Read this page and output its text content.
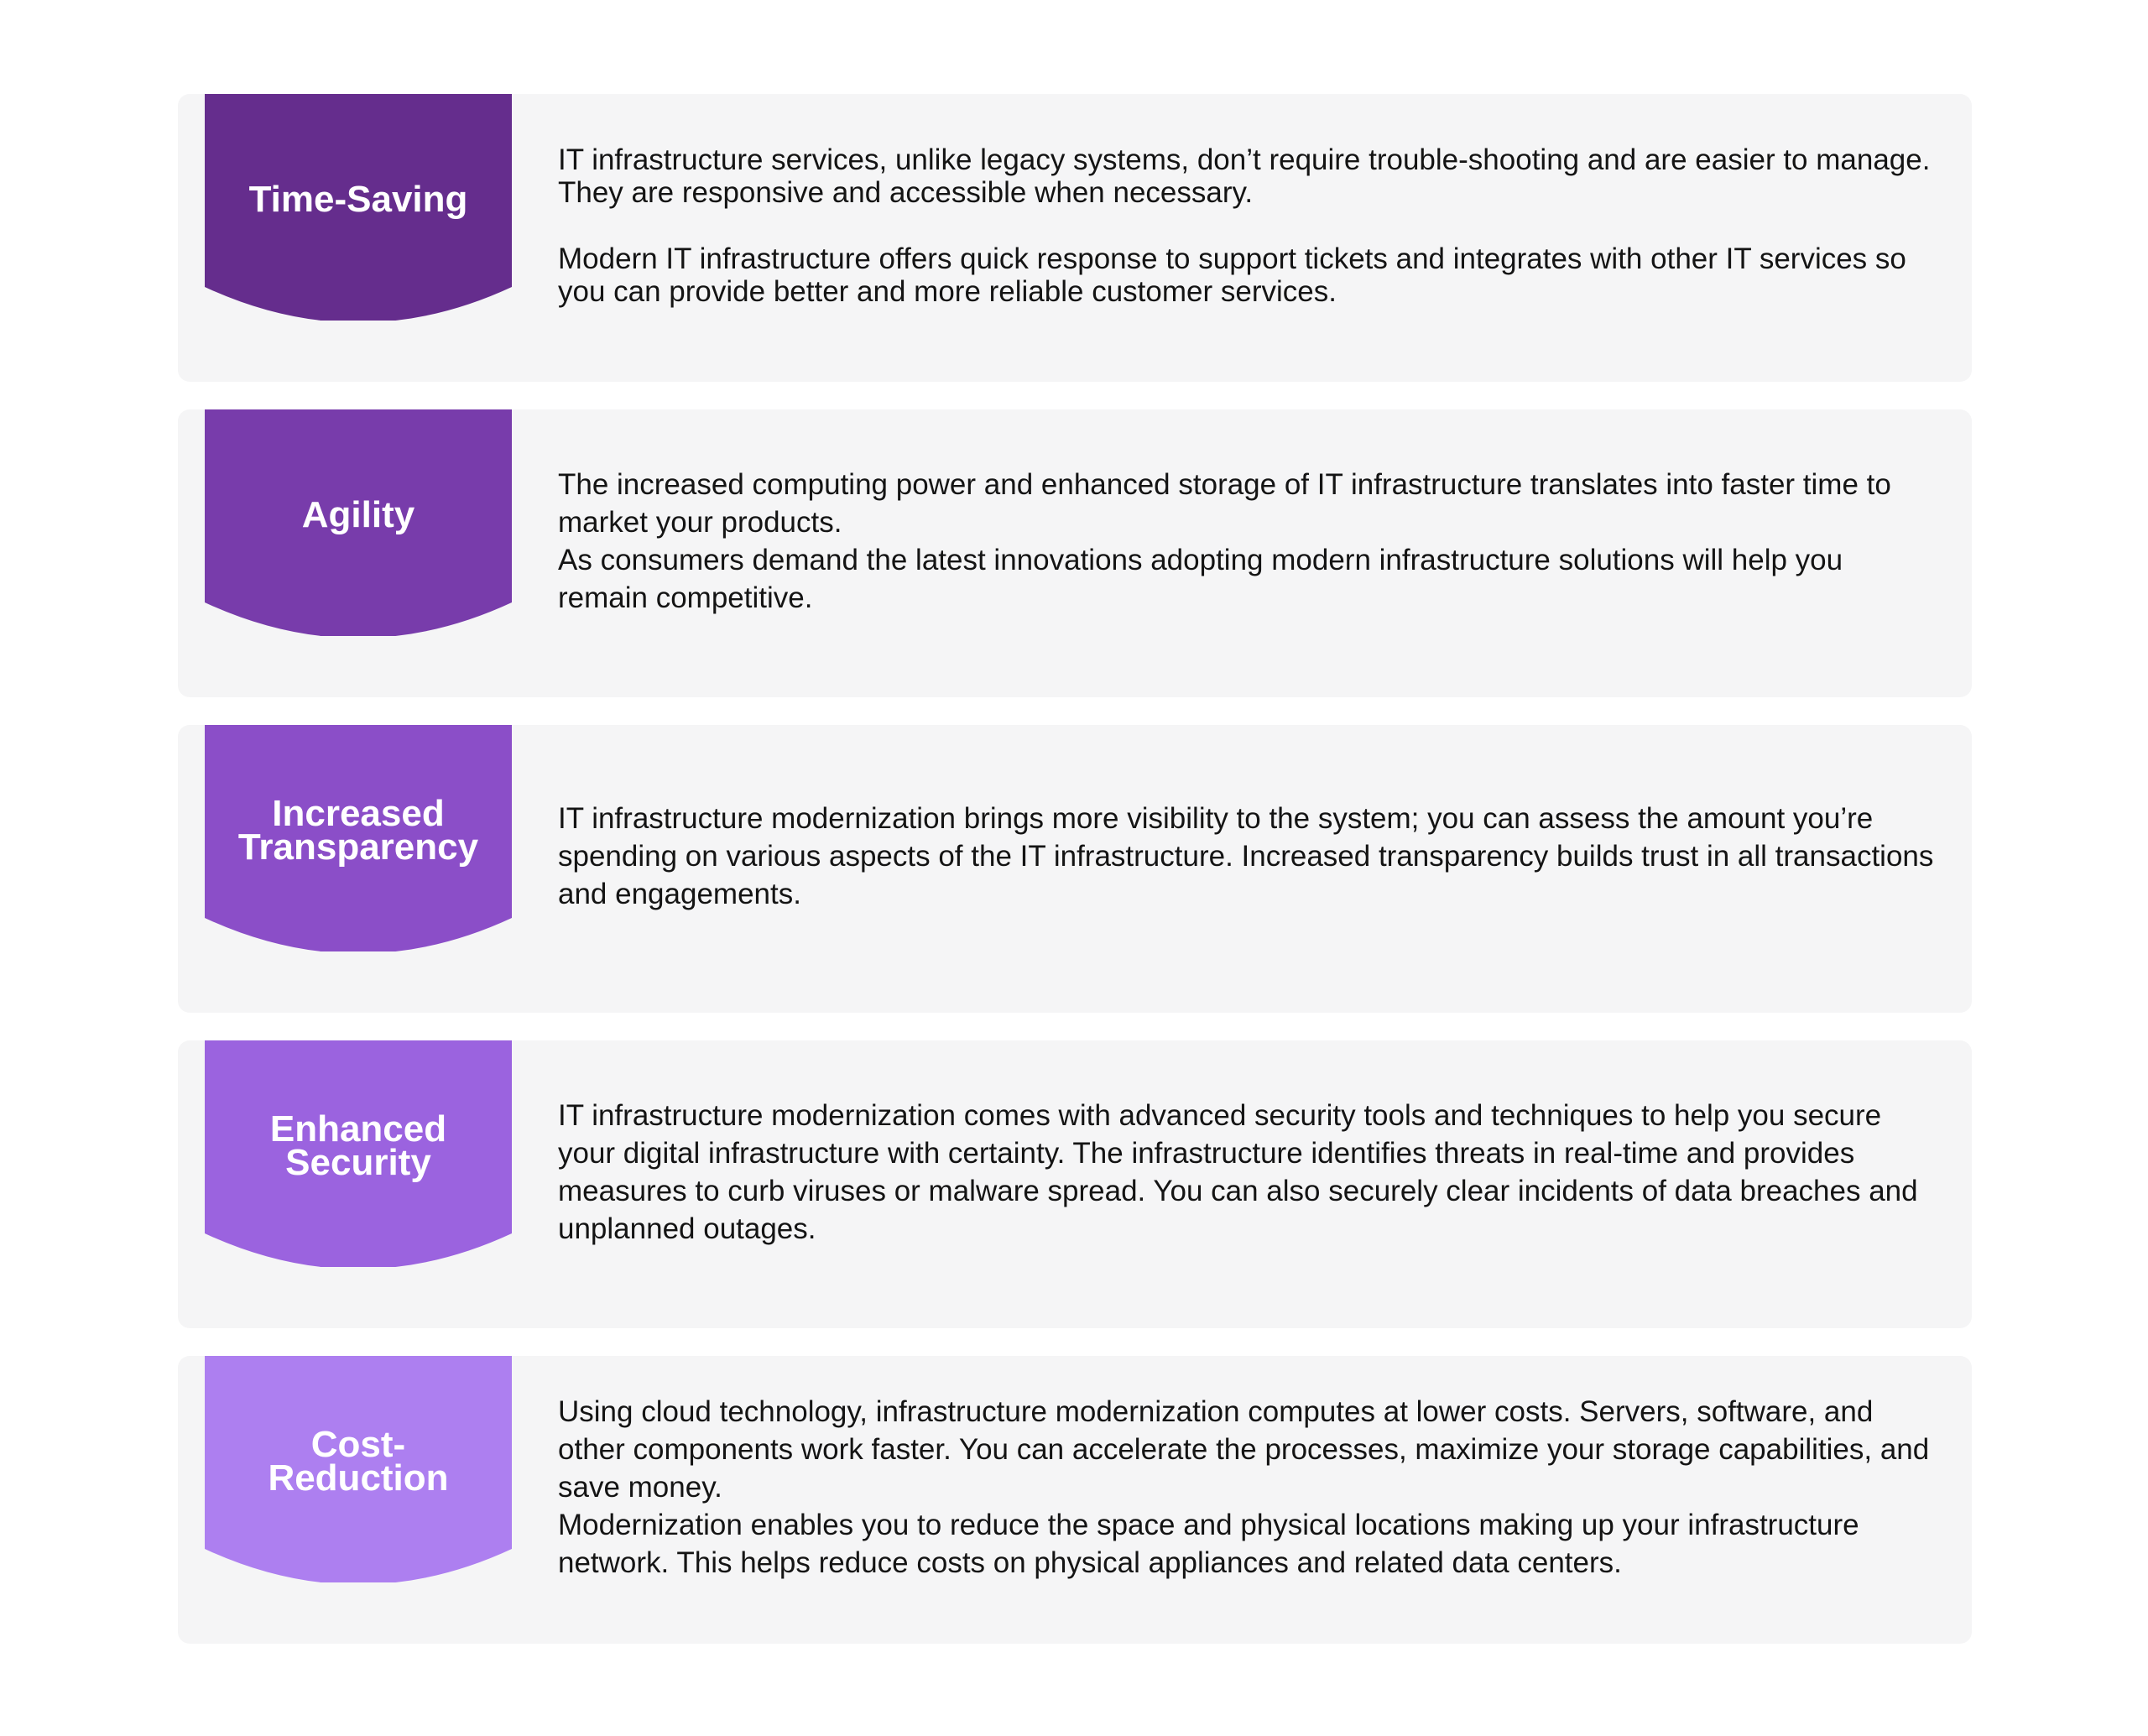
Time-Saving

IT infrastructure services, unlike legacy systems, don’t require trouble-shooting and are easier to manage. They are responsive and accessible when necessary.

Modern IT infrastructure offers quick response to support tickets and integrates with other IT services so you can provide better and more reliable customer services.

Agility

The increased computing power and enhanced storage of IT infrastructure translates into faster time to market your products.

As consumers demand the latest innovations adopting modern infrastructure solutions will help you remain competitive.

Increased
Transparency

IT infrastructure modernization brings more visibility to the system; you can assess the amount you’re spending on various aspects of the IT infrastructure. Increased transparency builds trust in all transactions and engagements.

Enhanced
Security

IT infrastructure modernization comes with advanced security tools and techniques to help you secure your digital infrastructure with certainty. The infrastructure identifies threats in real-time and provides measures to curb viruses or malware spread. You can also securely clear incidents of data breaches and unplanned outages.

Cost-
Reduction

Using cloud technology, infrastructure modernization computes at lower costs. Servers, software, and other components work faster. You can accelerate the processes, maximize your storage capabilities, and save money.

Modernization enables you to reduce the space and physical locations making up your infrastructure network. This helps reduce costs on physical appliances and related data centers.
